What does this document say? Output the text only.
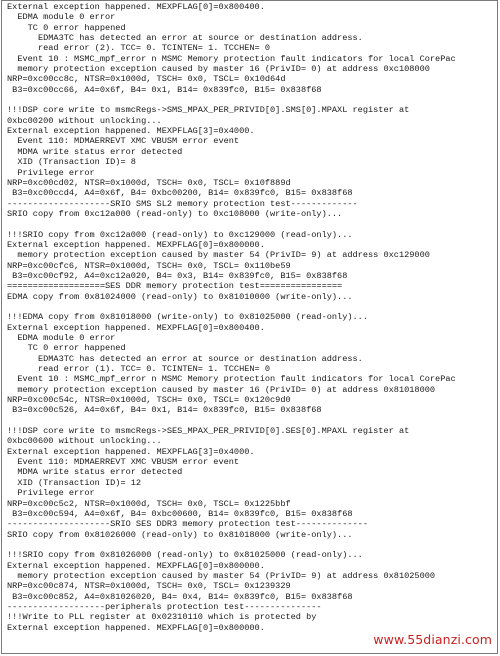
External exception happened. MEXPFLAG[0]=0x800400.
EDMA module 0 error
TC 0 error happened
EDMA3TC has detected an error at source or destination address.
read error (2). TCC= 0. TCINTEN= 1. TCCHEN= 0
Event 10 : MSMC_mpf_error n MSMC Memory protection fault indicators for local CorePac
memory protection exception caused by master 16 (PrivID= 0) at address 0xc108000
NRP=0xc00cc8c, NTSR=0x1000d, TSCH= 0x0, TSCL= 0x10d64d
B3=0xc00cc66, A4=0x6f, B4= 0x1, B14= 0x839fc0, B15= 0x838f68

!!!DSP core write to msmcRegs->SMS_MPAX_PER_PRIVID[0].SMS[0].MPAXL register at
0xbc00200 without unlocking...
External exception happened. MEXPFLAG[3]=0x4000.
Event 110: MDMAERREVT XMC VBUSM error event
MDMA write status error detected
XID (Transaction ID)= 8
Privilege error
NRP=0xc00cd02, NTSR=0x1000d, TSCH= 0x0, TSCL= 0x10f889d
B3=0xc00ccd4, A4=0x6f, B4= 0xbc00200, B14= 0x839fc0, B15= 0x838f68
--------------------SRIO SMS SL2 memory protection test-------------
SRIO copy from 0xc12a000 (read-only) to 0xc108000 (write-only)...

!!!SRIO copy from 0xc12a000 (read-only) to 0xc129000 (read-only)...
External exception happened. MEXPFLAG[0]=0x800000.
memory protection exception caused by master 54 (PrivID= 9) at address 0xc129000
NRP=0xc00cfc6, NTSR=0x1000d, TSCH= 0x0, TSCL= 0x110be59
B3=0xc00cf92, A4=0xc12a020, B4= 0x3, B14= 0x839fc0, B15= 0x838f68
===================SES DDR memory protection test================
EDMA copy from 0x81024000 (read-only) to 0x81010000 (write-only)...

!!!EDMA copy from 0x81018000 (write-only) to 0x81025000 (read-only)...
External exception happened. MEXPFLAG[0]=0x800400.
EDMA module 0 error
TC 0 error happened
EDMA3TC has detected an error at source or destination address.
read error (1). TCC= 0. TCINTEN= 1. TCCHEN= 0
Event 10 : MSMC_mpf_error n MSMC Memory protection fault indicators for local CorePac
memory protection exception caused by master 16 (PrivID= 0) at address 0x81018000
NRP=0xc00c54c, NTSR=0x1000d, TSCH= 0x0, TSCL= 0x120c9d0
B3=0xc00c526, A4=0x6f, B4= 0x1, B14= 0x839fc0, B15= 0x838f68

!!!DSP core write to msmcRegs->SES_MPAX_PER_PRIVID[0].SES[0].MPAXL register at
0xbc00600 without unlocking...
External exception happened. MEXPFLAG[3]=0x4000.
Event 110: MDMAERREVT XMC VBUSM error event
MDMA write status error detected
XID (Transaction ID)= 12
Privilege error
NRP=0xc00c5c2, NTSR=0x1000d, TSCH= 0x0, TSCL= 0x1225bbf
B3=0xc00c594, A4=0x6f, B4= 0xbc00600, B14= 0x839fc0, B15= 0x838f68
--------------------SRIO SES DDR3 memory protection test--------------
SRIO copy from 0x81026000 (read-only) to 0x81018000 (write-only)...

!!!SRIO copy from 0x81026000 (read-only) to 0x81025000 (read-only)...
External exception happened. MEXPFLAG[0]=0x800000.
memory protection exception caused by master 54 (PrivID= 9) at address 0x81025000
NRP=0xc00c874, NTSR=0x1000d, TSCH= 0x0, TSCL= 0x1239329
B3=0xc00c852, A4=0x81026020, B4= 0x4, B14= 0x839fc0, B15= 0x838f68
-------------------peripherals protection test---------------
!!!Write to PLL register at 0x02310110 which is protected by
External exception happened. MEXPFLAG[0]=0x800000.
www.55dianzi.com
